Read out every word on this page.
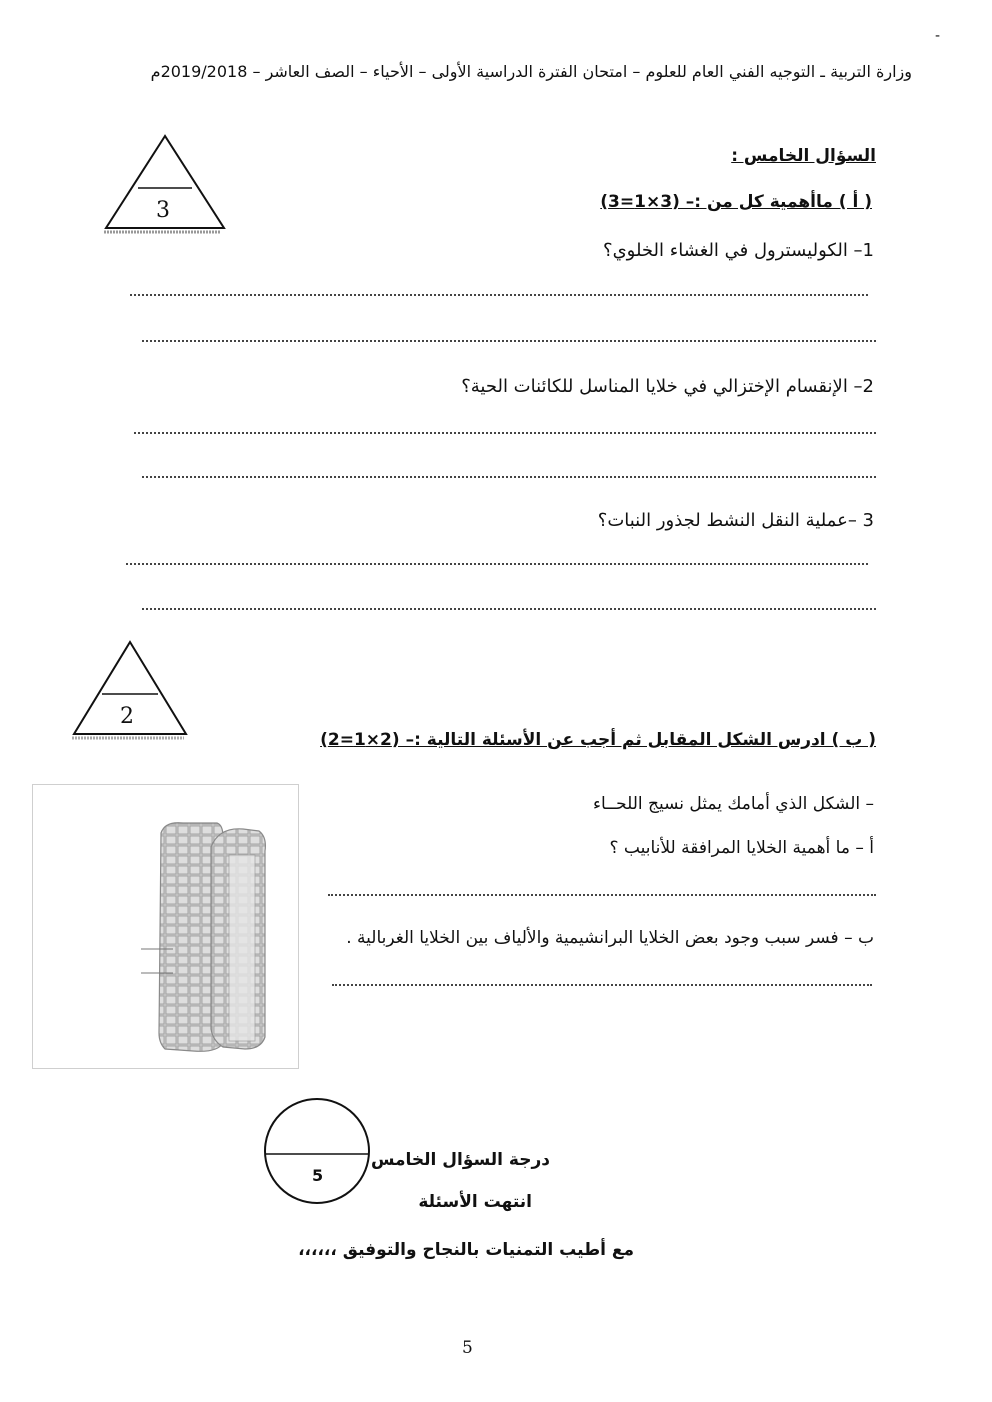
-
وزارة التربية ـ التوجيه الفني العام للعلوم – امتحان الفترة الدراسية الأولى – الأحياء – الصف العاشر – 2019/2018م
السؤال الخامس :
3	( أ ) ماأهمية كل من :– (3×1=3)
1– الكوليسترول في الغشاء الخلوي؟
2– الإنقسام الإختزالي في خلايا المناسل للكائنات الحية؟
3 –عملية النقل النشط لجذور النبات؟
2
( ب ) ادرس الشكل المقابل ثم أجب عن الأسئلة التالية :– (2×1=2)
– الشكل الذي أمامك يمثل نسيج اللحــاء
أ – ما أهمية الخلايا المرافقة للأنابيب ؟
ب – فسر سبب وجود بعض الخلايا البرانشيمية والألياف بين الخلايا الغربالية .
5
درجة السؤال الخامس
انتهت الأسئلة
مع أطيب التمنيات بالنجاح والتوفيق ،،،،،،
5
